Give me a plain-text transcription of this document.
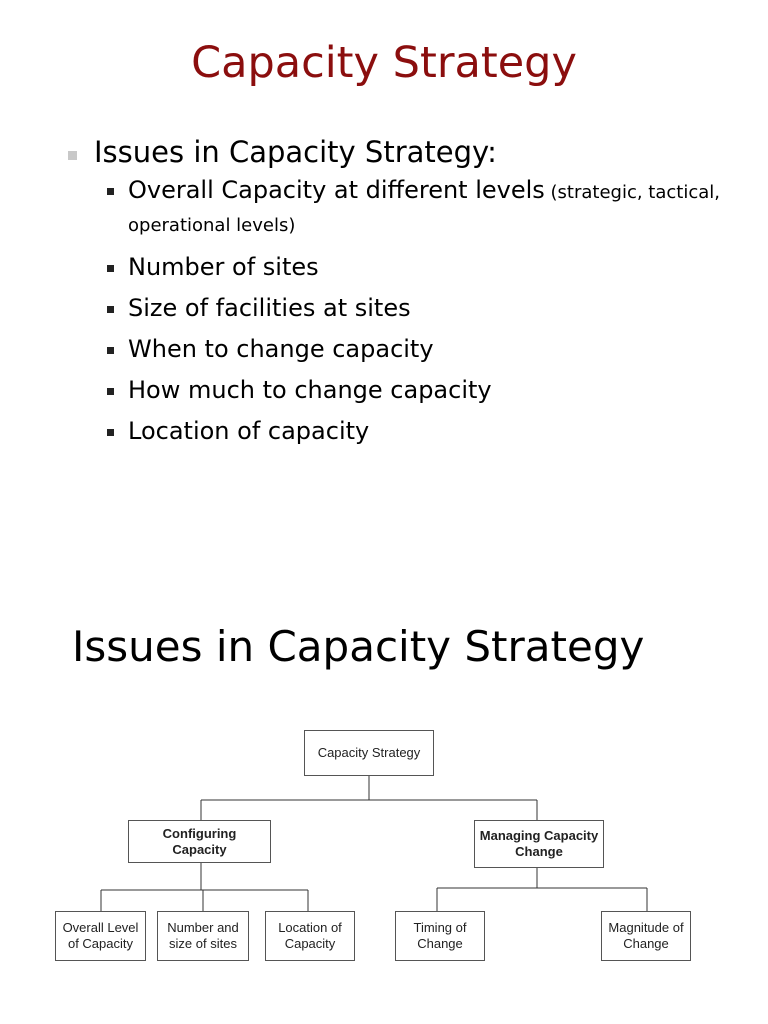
Capacity Strategy
Issues in Capacity Strategy:
Overall Capacity at different levels (strategic, tactical, operational levels)
Number of sites
Size of facilities at sites
When to change capacity
How much to change capacity
Location of capacity
Issues in Capacity Strategy
Capacity Strategy
Configuring
Capacity
Managing Capacity
Change
Overall Level
of Capacity
Number and
size of sites
Location of
Capacity
Timing of
Change
Magnitude of
Change
